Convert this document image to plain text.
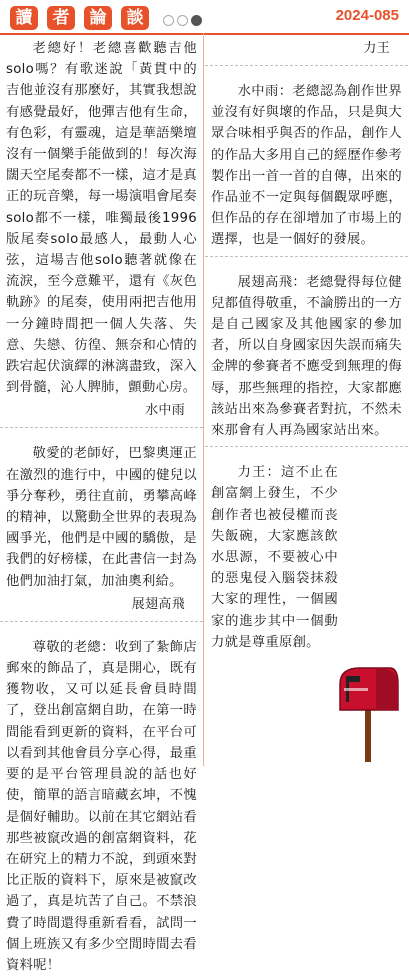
讀	者	論	談	2024-085

老總好！老總喜歡聽吉他solo嗎？有歌迷說「黃貫中的吉他並沒有那麼好，其實我想說有感覺最好，他彈吉他有生命，有色彩，有靈魂，這是華語樂壇沒有一個樂手能做到的！每次海闊天空尾奏都不一樣，這才是真正的玩音樂，每一場演唱會尾奏solo都不一樣，唯獨最後1996版尾奏solo最感人，最動人心弦，這場吉他solo聽著就像在流淚，至今意難平，還有《灰色軌跡》的尾奏，使用兩把吉他用一分鐘時間把一個人失落、失意、失戀、彷徨、無奈和心情的跌宕起伏演繹的淋漓盡致，深入到骨髓，沁人脾肺，顫動心房。

水中雨

敬愛的老師好，巴黎奧運正在激烈的進行中，中國的健兒以爭分奪秒，勇往直前，勇攀高峰的精神，以驚動全世界的表現為國爭光，他們是中國的驕傲，是我們的好榜樣，在此書信一封為他們加油打氣，加油奧利給。

展翅高飛

尊敬的老總：收到了紮飾店郵來的飾品了，真是開心，既有獲物收，又可以延長會員時間了，登出創富網自助，在第一時間能看到更新的資料，在平台可以看到其他會員分享心得，最重要的是平台管理員說的話也好使，簡單的語言暗藏玄坤，不愧是個好輔助。以前在其它網站看那些被竄改過的創富網資料，花在研究上的精力不說，到頭來對比正版的資料下，原來是被竄改過了，真是坑苦了自己。不禁浪費了時間還得重新看看，試問一個上班族又有多少空閒時間去看資料呢！

力王

水中雨：老總認為創作世界並沒有好與壞的作品，只是與大眾合味相乎與否的作品，創作人的作品大多用自己的經歷作參考製作出一首一首的自傳，出來的作品並不一定與每個觀眾呼應，但作品的存在卻增加了市場上的選擇，也是一個好的發展。

展翅高飛：老總覺得每位健兒都值得敬重，不論勝出的一方是自己國家及其他國家的參加者，所以自身國家因失誤而痛失金牌的參賽者不應受到無理的侮辱，那些無理的指控，大家都應該站出來為參賽者對抗，不然未來那會有人再為國家站出來。

力王：這不止在創富網上發生，不少創作者也被侵權而丧失飯碗，大家應該飲水思源，不要被心中的惡鬼侵入腦袋抹殺大家的理性，一個國家的進步其中一個動力就是尊重原創。
